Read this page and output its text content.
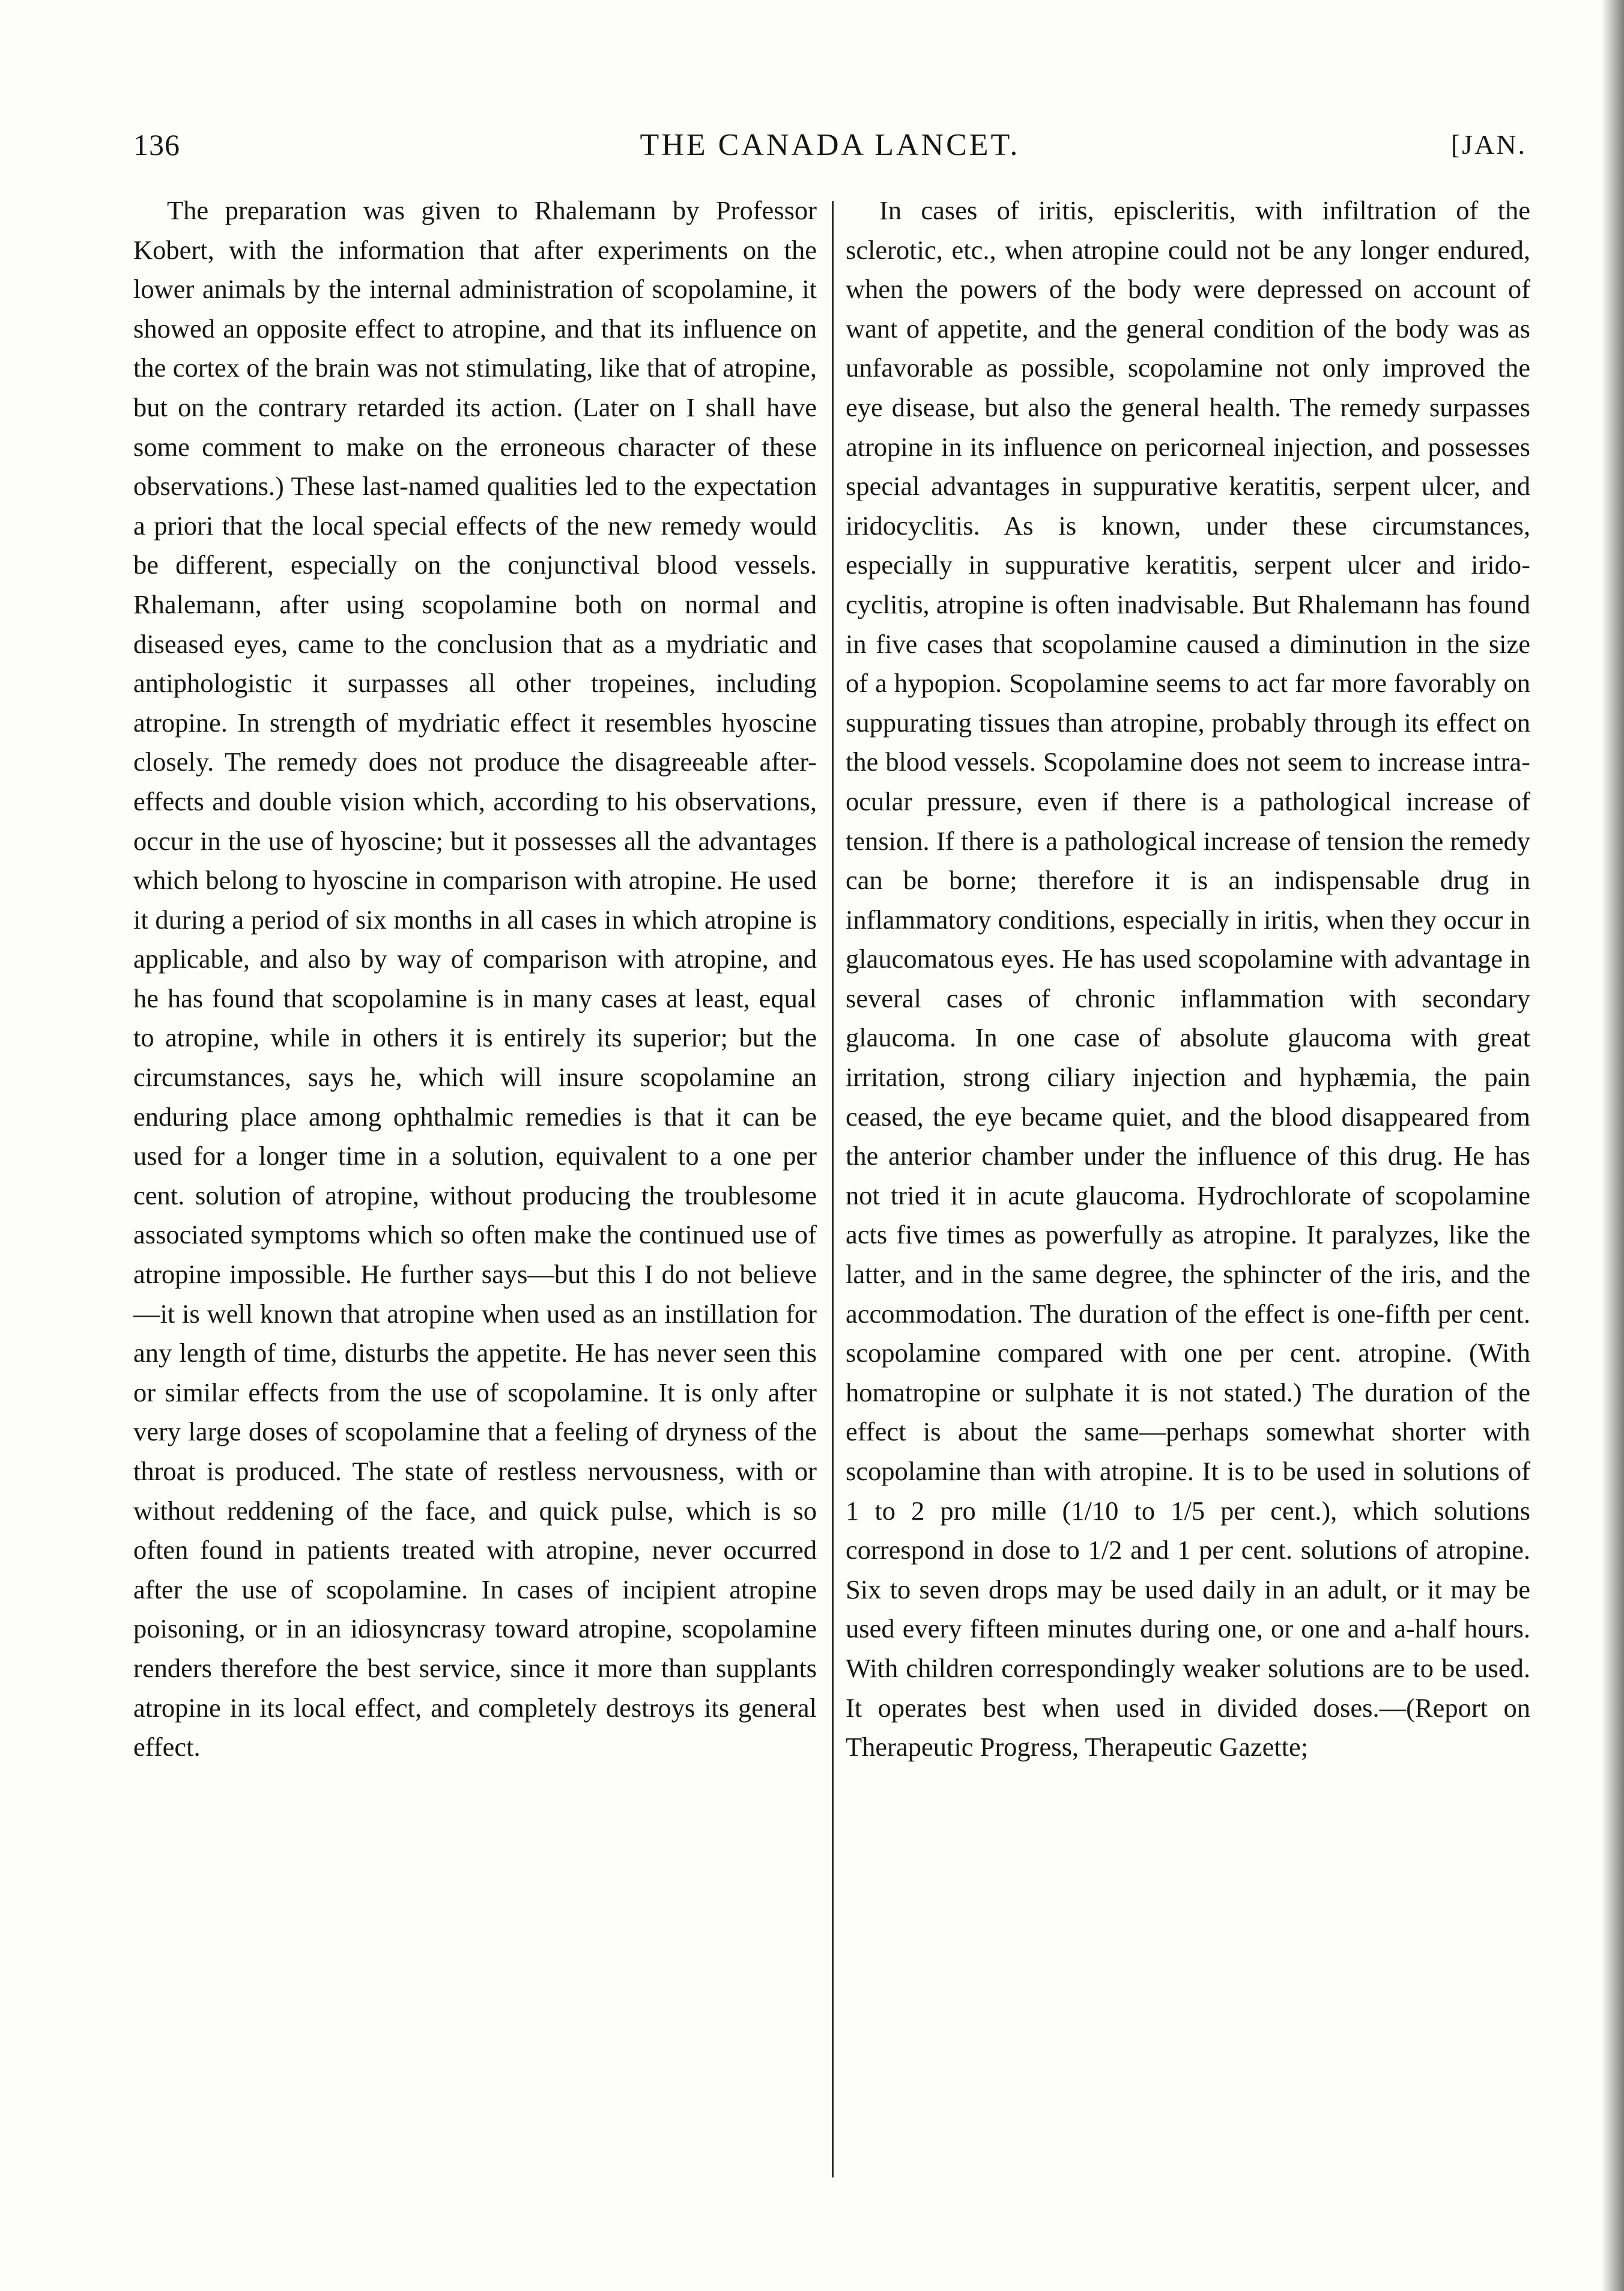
136	THE CANADA LANCET.	[JAN.

The preparation was given to Rhalemann by Professor Kobert, with the information that after experiments on the lower animals by the internal administration of scopolamine, it showed an opposite effect to atropine, and that its influence on the cortex of the brain was not stimulating, like that of atropine, but on the contrary retarded its action. (Later on I shall have some comment to make on the erroneous character of these observations.) These last-named qualities led to the expectation a priori that the local special effects of the new remedy would be different, especially on the conjunctival blood vessels. Rhalemann, after using scopolamine both on normal and diseased eyes, came to the conclusion that as a mydriatic and antiphologistic it surpasses all other tropeines, including atropine. In strength of mydriatic effect it resembles hyoscine closely. The remedy does not produce the disagreeable after-effects and double vision which, according to his observations, occur in the use of hyoscine; but it possesses all the advantages which belong to hyoscine in comparison with atropine. He used it during a period of six months in all cases in which atropine is applicable, and also by way of comparison with atropine, and he has found that scopolamine is in many cases at least, equal to atropine, while in others it is entirely its superior; but the circumstances, says he, which will insure scopolamine an enduring place among ophthalmic remedies is that it can be used for a longer time in a solution, equivalent to a one per cent. solution of atropine, without producing the troublesome associated symptoms which so often make the continued use of atropine impossible. He further says—but this I do not believe—it is well known that atropine when used as an instillation for any length of time, disturbs the appetite. He has never seen this or similar effects from the use of scopolamine. It is only after very large doses of scopolamine that a feeling of dryness of the throat is produced. The state of restless nervousness, with or without reddening of the face, and quick pulse, which is so often found in patients treated with atropine, never occurred after the use of scopolamine. In cases of incipient atropine poisoning, or in an idiosyncrasy toward atropine, scopolamine renders therefore the best service, since it more than supplants atropine in its local effect, and completely destroys its general effect.

In cases of iritis, episcleritis, with infiltration of the sclerotic, etc., when atropine could not be any longer endured, when the powers of the body were depressed on account of want of appetite, and the general condition of the body was as unfavorable as possible, scopolamine not only improved the eye disease, but also the general health. The remedy surpasses atropine in its influence on pericorneal injection, and possesses special advantages in suppurative keratitis, serpent ulcer, and iridocyclitis. As is known, under these circumstances, especially in suppurative keratitis, serpent ulcer and irido-cyclitis, atropine is often inadvisable. But Rhalemann has found in five cases that scopolamine caused a diminution in the size of a hypopion. Scopolamine seems to act far more favorably on suppurating tissues than atropine, probably through its effect on the blood vessels. Scopolamine does not seem to increase intra-ocular pressure, even if there is a pathological increase of tension. If there is a pathological increase of tension the remedy can be borne; therefore it is an indispensable drug in inflammatory conditions, especially in iritis, when they occur in glaucomatous eyes. He has used scopolamine with advantage in several cases of chronic inflammation with secondary glaucoma. In one case of absolute glaucoma with great irritation, strong ciliary injection and hyphæmia, the pain ceased, the eye became quiet, and the blood disappeared from the anterior chamber under the influence of this drug. He has not tried it in acute glaucoma. Hydrochlorate of scopolamine acts five times as powerfully as atropine. It paralyzes, like the latter, and in the same degree, the sphincter of the iris, and the accommodation. The duration of the effect is one-fifth per cent. scopolamine compared with one per cent. atropine. (With homatropine or sulphate it is not stated.) The duration of the effect is about the same—perhaps somewhat shorter with scopolamine than with atropine. It is to be used in solutions of 1 to 2 pro mille (1/10 to 1/5 per cent.), which solutions correspond in dose to 1/2 and 1 per cent. solutions of atropine. Six to seven drops may be used daily in an adult, or it may be used every fifteen minutes during one, or one and a-half hours. With children correspondingly weaker solutions are to be used. It operates best when used in divided doses.—(Report on Therapeutic Progress, Therapeutic Gazette;
